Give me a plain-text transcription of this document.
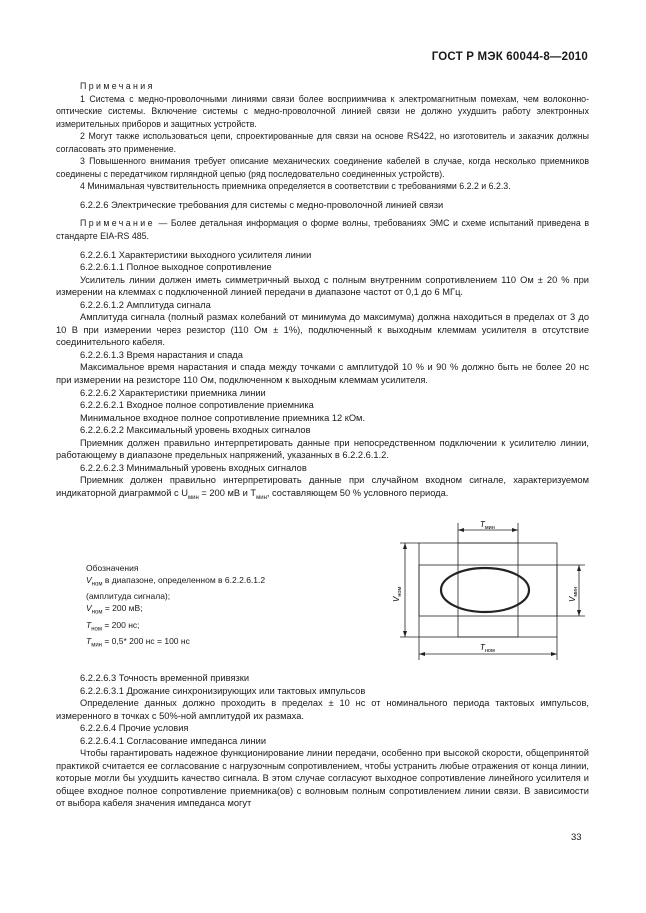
ГОСТ Р МЭК 60044-8—2010

Примечания

1 Система с медно-проволочными линиями связи более восприимчива к электромагнитным помехам, чем волоконно-оптические системы. Включение системы с медно-проволочной линией связи не должно ухудшить работу электронных измерительных приборов и защитных устройств.

2 Могут также использоваться цепи, спроектированные для связи на основе RS422, но изготовитель и заказчик должны согласовать это применение.

3 Повышенного внимания требует описание механических соединение кабелей в случае, когда несколько приемников соединены с передатчиком гирляндной цепью (ряд последовательно соединенных устройств).

4 Минимальная чувствительность приемника определяется в соответствии с требованиями 6.2.2 и 6.2.3.

6.2.2.6 Электрические требования для системы с медно-проволочной линией связи

Примечание — Более детальная информация о форме волны, требованиях ЭМС и схеме испытаний приведена в стандарте EIA-RS 485.

6.2.2.6.1 Характеристики выходного усилителя линии

6.2.2.6.1.1 Полное выходное сопротивление

Усилитель линии должен иметь симметричный выход с полным внутренним сопротивлением 110 Ом ± 20 % при измерении на клеммах с подключенной линией передачи в диапазоне частот от 0,1 до 6 МГц.

6.2.2.6.1.2 Амплитуда сигнала

Амплитуда сигнала (полный размах колебаний от минимума до максимума) должна находиться в пределах от 3 до 10 В при измерении через резистор (110 Ом ± 1%), подключенный к выходным клеммам усилителя в отсутствие соединительного кабеля.

6.2.2.6.1.3 Время нарастания и спада

Максимальное время нарастания и спада между точками с амплитудой 10 % и 90 % должно быть не более 20 нс при измерении на резисторе 110 Ом, подключенном к выходным клеммам усилителя.

6.2.2.6.2 Характеристики приемника линии

6.2.2.6.2.1 Входное полное сопротивление приемника

Минимальное входное полное сопротивление приемника 12 кОм.

6.2.2.6.2.2 Максимальный уровень входных сигналов

Приемник должен правильно интерпретировать данные при непосредственном подключении к усилителю линии, работающему в диапазоне предельных напряжений, указанных в 6.2.2.6.1.2.

6.2.2.6.2.3 Минимальный уровень входных сигналов

Приемник должен правильно интерпретировать данные при случайном входном сигнале, характеризуемом индикаторной диаграммой с $U_{мин} = 200$ мВ и $T_{мин}$, составляющем 50 % условного периода.

Обозначения
$V_{ном}$ в диапазоне, определенном в 6.2.2.6.1.2 (амплитуда сигнала);
$V_{ном} = 200$ мВ;
$T_{ном} = 200$ нс;
$T_{мин} = 0,5*$ 200 нс = 100 нс
$T_{мин}$
$T_{ном}$
$V_{ном}$
$V_{мин}$

6.2.2.6.3 Точность временной привязки

6.2.2.6.3.1 Дрожание синхронизирующих или тактовых импульсов

Определение данных должно проходить в пределах ± 10 нс от номинального периода тактовых импульсов, измеренного в точках с 50%-ной амплитудой их размаха.

6.2.2.6.4 Прочие условия

6.2.2.6.4.1 Согласование импеданса линии

Чтобы гарантировать надежное функционирование линии передачи, особенно при высокой скорости, общепринятой практикой считается ее согласование с нагрузочным сопротивлением, чтобы устранить любые отражения от конца линии, которые могли бы ухудшить качество сигнала. В этом случае согласуют выходное сопротивление линейного усилителя и общее входное полное сопротивление приемника(ов) с волновым полным сопротивлением линии связи. В зависимости от выбора кабеля значения импеданса могут

33
